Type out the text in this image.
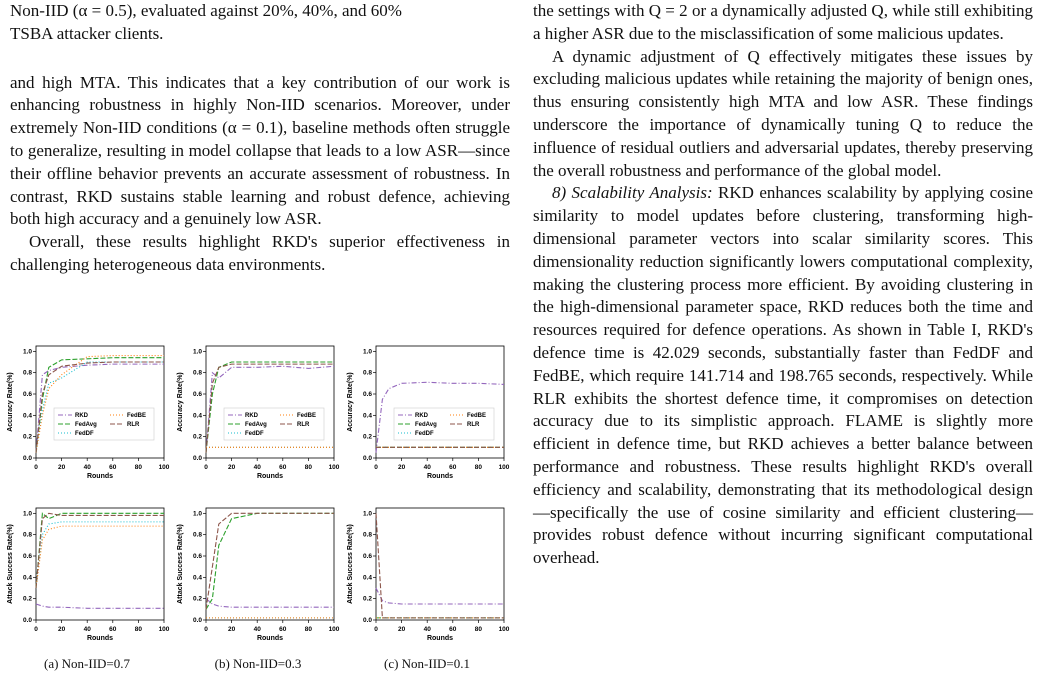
Non-IID (α = 0.5), evaluated against 20%, 40%, and 60%
TSBA attacker clients.

and high MTA. This indicates that a key contribution of our work is enhancing robustness in highly Non-IID scenarios. Moreover, under extremely Non-IID conditions (α = 0.1), baseline methods often struggle to generalize, resulting in model collapse that leads to a low ASR—since their offline behavior prevents an accurate assessment of robustness. In contrast, RKD sustains stable learning and robust defence, achieving both high accuracy and a genuinely low ASR.

Overall, these results highlight RKD's superior effectiveness in challenging heterogeneous data environments.

the settings with Q = 2 or a dynamically adjusted Q, while still exhibiting a higher ASR due to the misclassification of some malicious updates.

A dynamic adjustment of Q effectively mitigates these issues by excluding malicious updates while retaining the majority of benign ones, thus ensuring consistently high MTA and low ASR. These findings underscore the importance of dynamically tuning Q to reduce the influence of residual outliers and adversarial updates, thereby preserving the overall robustness and performance of the global model.

8) Scalability Analysis: RKD enhances scalability by applying cosine similarity to model updates before clustering, transforming high-dimensional parameter vectors into scalar similarity scores. This dimensionality reduction significantly lowers computational complexity, making the clustering process more efficient. By avoiding clustering in the high-dimensional parameter space, RKD reduces both the time and resources required for defence operations. As shown in Table I, RKD's defence time is 42.029 seconds, substantially faster than FedDF and FedBE, which require 141.714 and 198.765 seconds, respectively. While RLR exhibits the shortest defence time, it compromises on detection accuracy due to its simplistic approach. FLAME is slightly more efficient in defence time, but RKD achieves a better balance between performance and robustness. These results highlight RKD's overall efficiency and scalability, demonstrating that its methodological design—specifically the use of cosine similarity and efficient clustering—provides robust defence without incurring significant computational overhead.

0	20	40	60	80	100
0.0
0.2
0.4
0.6
0.8
1.0
Rounds
Accuracy Rate(%)	RKD
FedAvg
FedDF
FedBE
RLR
0	20	40	60	80	100
0.0
0.2
0.4
0.6
0.8
1.0
Rounds
Accuracy Rate(%)	RKD
FedAvg
FedDF
FedBE
RLR
0	20	40	60	80	100
0.0
0.2
0.4
0.6
0.8
1.0
Rounds
Accuracy Rate(%)	RKD
FedAvg
FedDF
FedBE
RLR
0	20	40	60	80	100
0.0
0.2
0.4
0.6
0.8
1.0
Rounds
Attack Success Rate(%)
0	20	40	60	80	100
0.0
0.2
0.4
0.6
0.8
1.0
Rounds
Attack Success Rate(%)
0	20	40	60	80	100
0.0
0.2
0.4
0.6
0.8
1.0
Rounds
Attack Success Rate(%)
(a) Non-IID=0.7	(b) Non-IID=0.3	(c) Non-IID=0.1
